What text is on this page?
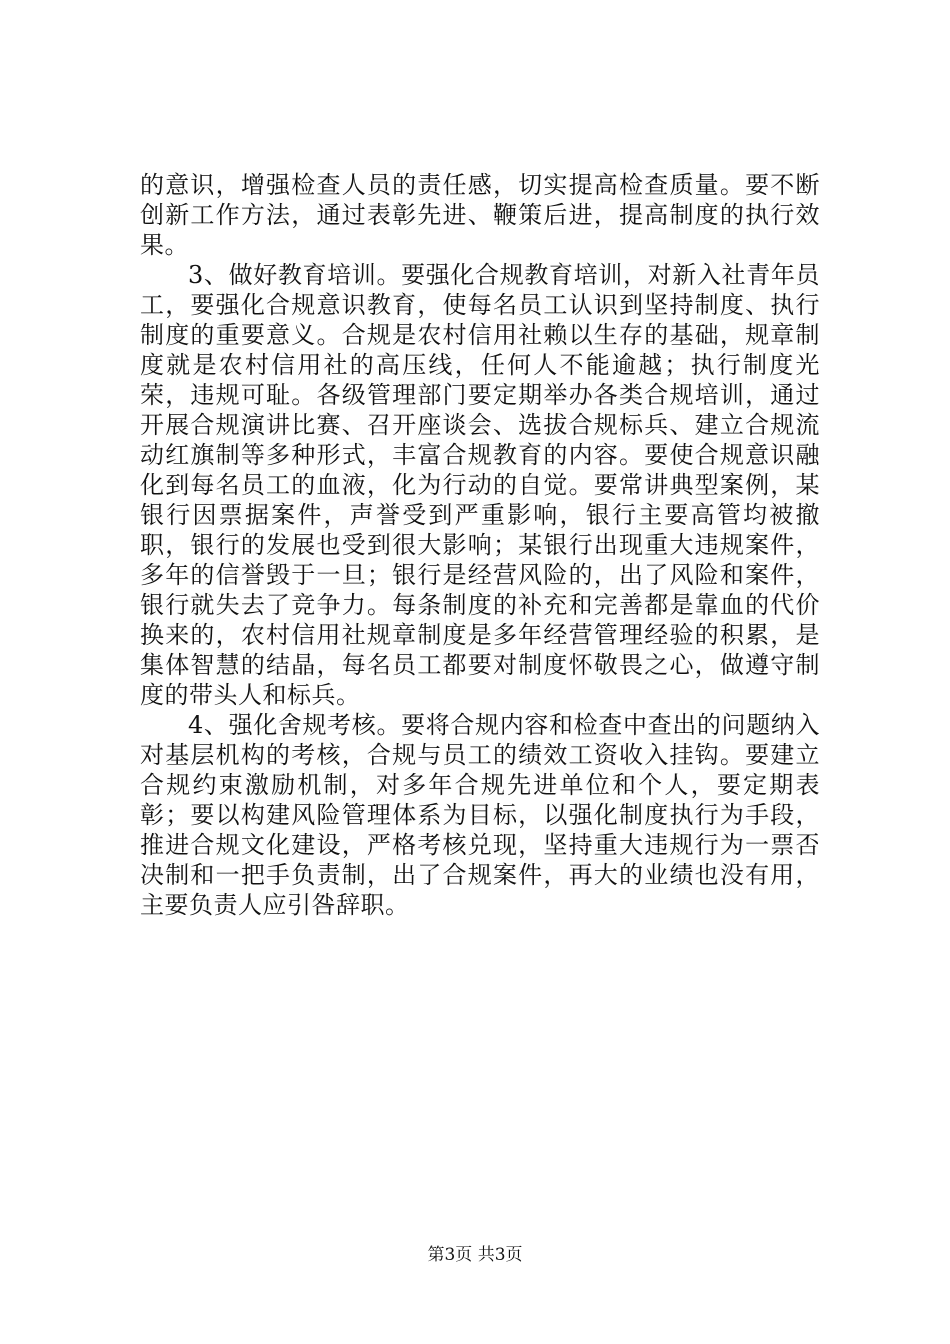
的意识，增强检查人员的责任感，切实提高检查质量。要不断创新工作方法，通过表彰先进、鞭策后进，提高制度的执行效果。

3、做好教育培训。要强化合规教育培训，对新入社青年员工，要强化合规意识教育，使每名员工认识到坚持制度、执行制度的重要意义。合规是农村信用社赖以生存的基础，规章制度就是农村信用社的高压线，任何人不能逾越；执行制度光荣，违规可耻。各级管理部门要定期举办各类合规培训，通过开展合规演讲比赛、召开座谈会、选拔合规标兵、建立合规流动红旗制等多种形式，丰富合规教育的内容。要使合规意识融化到每名员工的血液，化为行动的自觉。要常讲典型案例，某银行因票据案件，声誉受到严重影响，银行主要高管均被撤职，银行的发展也受到很大影响；某银行出现重大违规案件，多年的信誉毁于一旦；银行是经营风险的，出了风险和案件，银行就失去了竞争力。每条制度的补充和完善都是靠血的代价换来的，农村信用社规章制度是多年经营管理经验的积累，是集体智慧的结晶，每名员工都要对制度怀敬畏之心，做遵守制度的带头人和标兵。

4、强化舍规考核。要将合规内容和检查中查出的问题纳入对基层机构的考核，合规与员工的绩效工资收入挂钩。要建立合规约束激励机制，对多年合规先进单位和个人，要定期表彰；要以构建风险管理体系为目标，以强化制度执行为手段，推进合规文化建设，严格考核兑现，坚持重大违规行为一票否决制和一把手负责制，出了合规案件，再大的业绩也没有用，主要负责人应引咎辞职。

第3页 共3页
